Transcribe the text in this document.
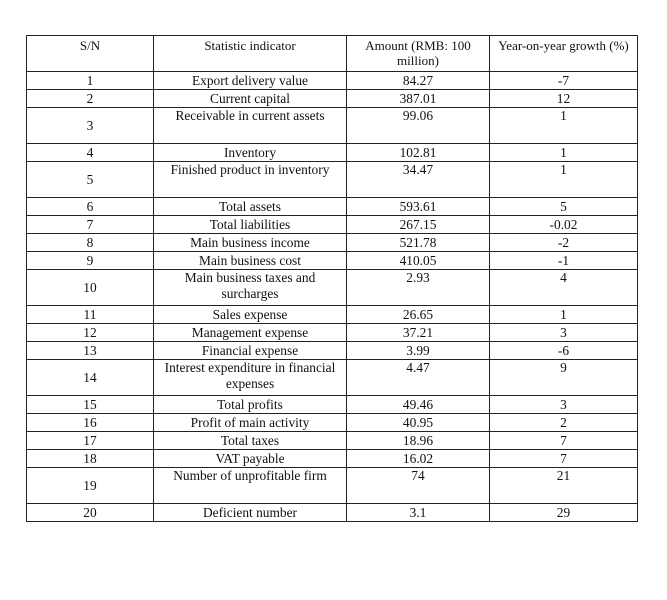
S/N	Statistic indicator	Amount (RMB: 100 million)	Year-on-year growth (%)
1	Export delivery value	84.27	-7
2	Current capital	387.01	12
3	Receivable in current assets	99.06	1
4	Inventory	102.81	1
5	Finished product in inventory	34.47	1
6	Total assets	593.61	5
7	Total liabilities	267.15	-0.02
8	Main business income	521.78	-2
9	Main business cost	410.05	-1
10	Main business taxes and surcharges	2.93	4
11	Sales expense	26.65	1
12	Management expense	37.21	3
13	Financial expense	3.99	-6
14	Interest expenditure in financial expenses	4.47	9
15	Total profits	49.46	3
16	Profit of main activity	40.95	2
17	Total taxes	18.96	7
18	VAT payable	16.02	7
19	Number of unprofitable firm	74	21
20	Deficient number	3.1	29
